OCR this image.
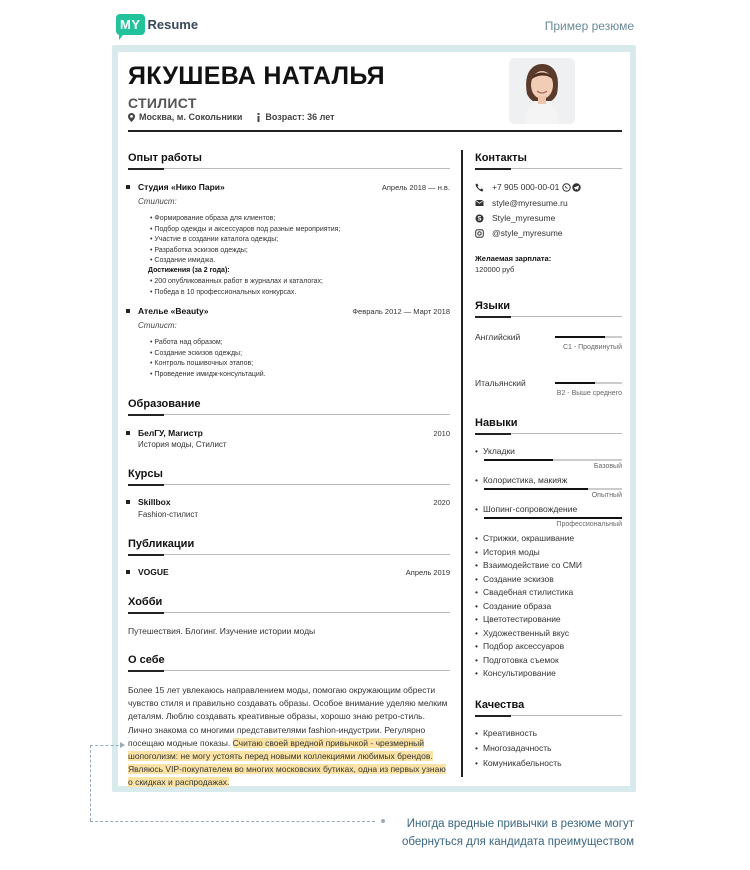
MY Resume	Пример резюме
ЯКУШЕВА НАТАЛЬЯ
СТИЛИСТ
Москва, м. Сокольники	Возраст: 36 лет
Опыт работы
Студия «Нико Пари»	Апрель 2018 — н.в.
Стилист:
• Формирование образа для клиентов;
• Подбор одежды и аксессуаров под разные мероприятия;
• Участие в создании каталога одежды;
• Разработка эскизов одежды;
• Создание имиджа.
Достижения (за 2 года):
• 200 опубликованных работ в журналах и каталогах;
• Победа в 10 профессиональных конкурсах.
Ателье «Beauty»	Февраль 2012 — Март 2018
Стилист:
• Работа над образом;
• Создание эскизов одежды;
• Контроль пошивочных этапов;
• Проведение имидж-консультаций.
Образование
БелГУ, Магистр	2010
История моды, Стилист
Курсы
Skillbox	2020
Fashion-стилист
Публикации
VOGUE	Апрель 2019
Хобби
Путешествия. Блогинг. Изучение истории моды
О себе
Более 15 лет увлекаюсь направлением моды, помогаю окружающим обрести чувство стиля и правильно создавать образы. Особое внимание уделяю мелким деталям. Люблю создавать креативные образы, хорошо знаю ретро-стиль. Лично знакома со многими представителями fashion-индустрии. Регулярно посещаю модные показы. Считаю своей вредной привычкой - чрезмерный шопоголизм: не могу устоять перед новыми коллекциями любимых брендов. Являюсь VIP-покупателем во многих московских бутиках, одна из первых узнаю о скидках и распродажах.
Контакты
+7 905 000-00-01
style@myresume.ru
S Style_myresume
@style_myresume
Желаемая зарплата:
120000 руб
Языки
Английский
C1 - Продвинутый
Итальянский
B2 - Выше среднего
Навыки
• Укладки
Базовый
• Колористика, макияж
Опытный
• Шопинг-сопровождение
Профессиональный
• Стрижки, окрашивание
• История моды
• Взаимодействие со СМИ
• Создание эскизов
• Свадебная стилистика
• Создание образа
• Цветотестирование
• Художественный вкус
• Подбор аксессуаров
• Подготовка съемок
• Консультирование
Качества
• Креативность
• Многозадачность
• Комуникабельность
Иногда вредные привычки в резюме могут
обернуться для кандидата преимуществом
